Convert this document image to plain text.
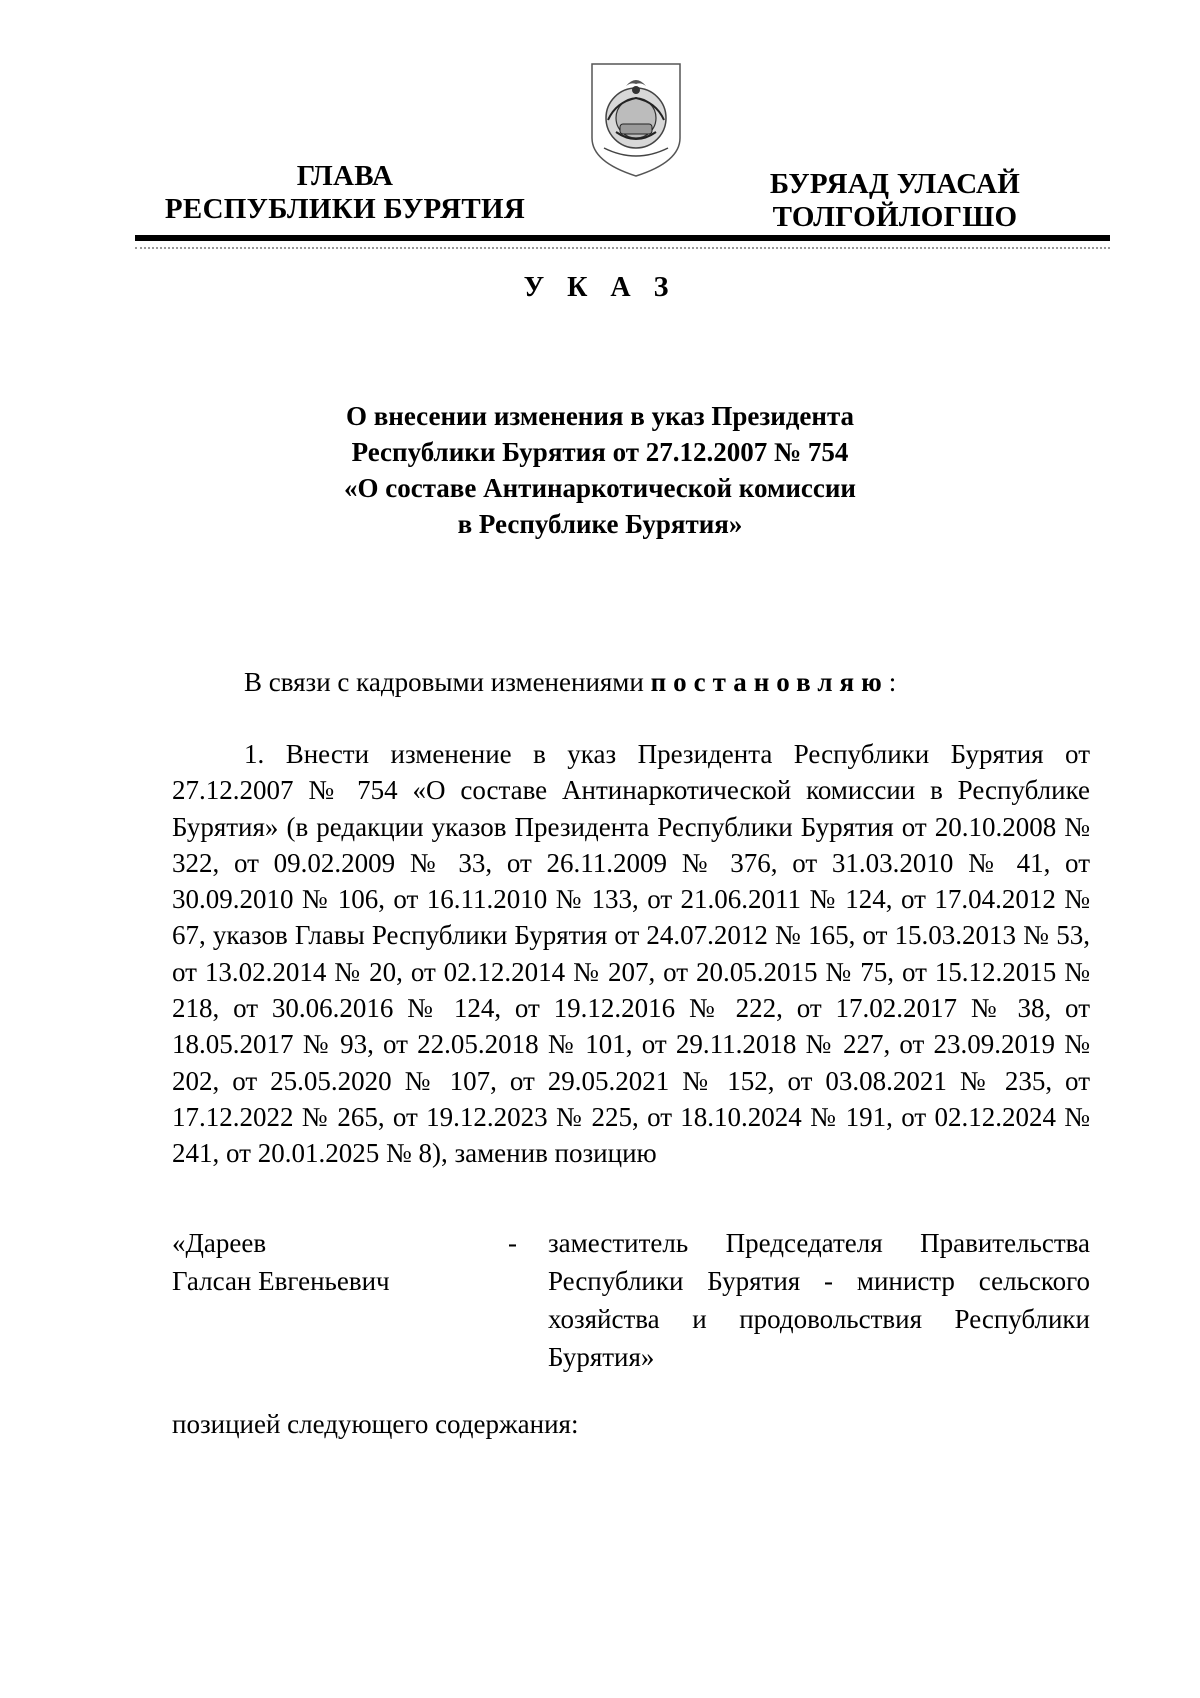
ГЛАВА
РЕСПУБЛИКИ БУРЯТИЯ
БУРЯАД УЛАСАЙ
ТОЛГОЙЛОГШО
У К А З
О внесении изменения в указ Президента
Республики Бурятия от 27.12.2007 № 754
«О составе Антинаркотической комиссии
в Республике Бурятия»
В связи с кадровыми изменениями постановляю:
1. Внести изменение в указ Президента Республики Бурятия от 27.12.2007 № 754 «О составе Антинаркотической комиссии в Республике Бурятия» (в редакции указов Президента Республики Бурятия от 20.10.2008 № 322, от 09.02.2009 № 33, от 26.11.2009 № 376, от 31.03.2010 № 41, от 30.09.2010 № 106, от 16.11.2010 № 133, от 21.06.2011 № 124, от 17.04.2012 № 67, указов Главы Республики Бурятия от 24.07.2012 № 165, от 15.03.2013 № 53, от 13.02.2014 № 20, от 02.12.2014 № 207, от 20.05.2015 № 75, от 15.12.2015 № 218, от 30.06.2016 № 124, от 19.12.2016 № 222, от 17.02.2017 № 38, от 18.05.2017 № 93, от 22.05.2018 № 101, от 29.11.2018 № 227, от 23.09.2019 № 202, от 25.05.2020 № 107, от 29.05.2021 № 152, от 03.08.2021 № 235, от 17.12.2022 № 265, от 19.12.2023 № 225, от 18.10.2024 № 191, от 02.12.2024 № 241, от 20.01.2025 № 8), заменив позицию
«Дареев
Галсан Евгеньевич
- заместитель Председателя Правительства Республики Бурятия - министр сельского хозяйства и продовольствия Республики Бурятия»
позицией следующего содержания:
